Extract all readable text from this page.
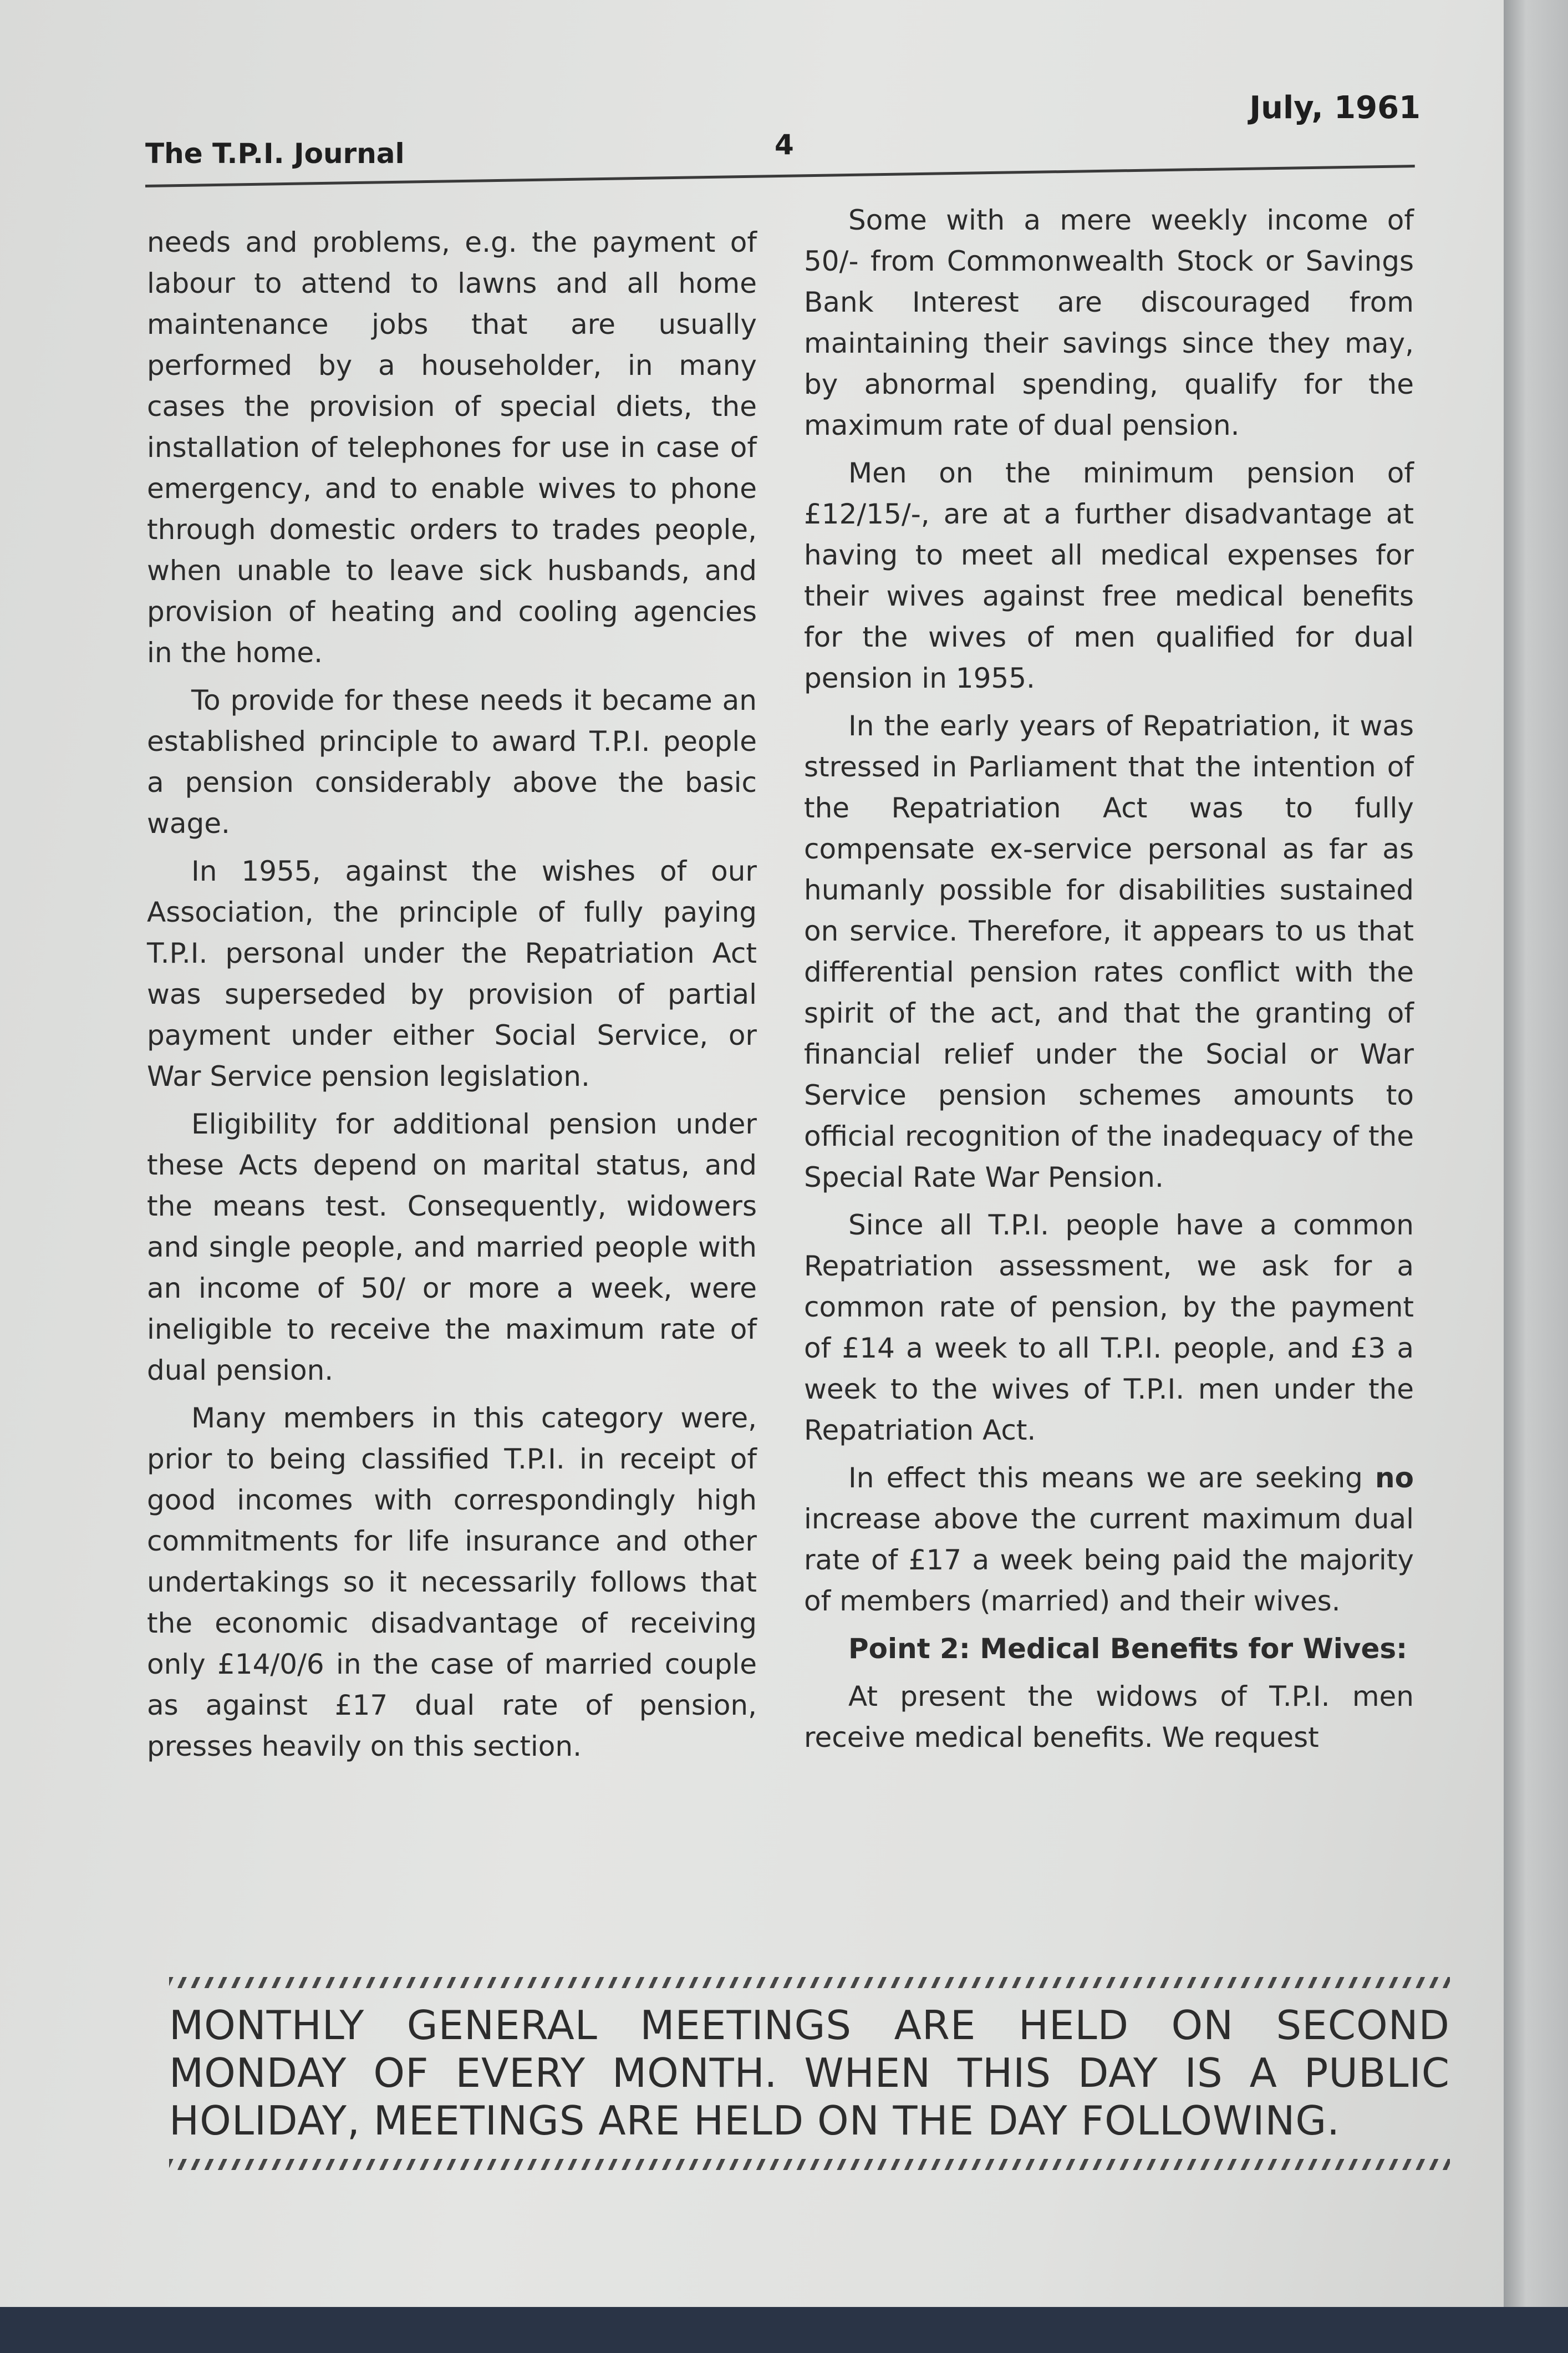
The T.P.I. Journal	4
July, 1961

needs and problems, e.g. the payment of labour to attend to lawns and all home maintenance jobs that are usually performed by a householder, in many cases the provision of special diets, the installation of telephones for use in case of emergency, and to enable wives to phone through domestic orders to trades people, when unable to leave sick husbands, and provision of heating and cooling agencies in the home.

To provide for these needs it became an established principle to award T.P.I. people a pension considerably above the basic wage.

In 1955, against the wishes of our Association, the principle of fully paying T.P.I. personal under the Repatriation Act was superseded by provision of partial payment under either Social Service, or War Service pension legislation.

Eligibility for additional pension under these Acts depend on marital status, and the means test. Consequently, widowers and single people, and married people with an income of 50/ or more a week, were ineligible to receive the maximum rate of dual pension.

Many members in this category were, prior to being classified T.P.I. in receipt of good incomes with correspondingly high commitments for life insurance and other undertakings so it necessarily follows that the economic disadvantage of receiving only £14/0/6 in the case of married couple as against £17 dual rate of pension, presses heavily on this section.

Some with a mere weekly income of 50/- from Commonwealth Stock or Savings Bank Interest are discouraged from maintaining their savings since they may, by abnormal spending, qualify for the maximum rate of dual pension.

Men on the minimum pension of £12/15/-, are at a further disadvantage at having to meet all medical expenses for their wives against free medical benefits for the wives of men qualified for dual pension in 1955.

In the early years of Repatriation, it was stressed in Parliament that the intention of the Repatriation Act was to fully compensate ex-service personal as far as humanly possible for disabilities sustained on service. Therefore, it appears to us that differential pension rates conflict with the spirit of the act, and that the granting of financial relief under the Social or War Service pension schemes amounts to official recognition of the inadequacy of the Special Rate War Pension.

Since all T.P.I. people have a common Repatriation assessment, we ask for a common rate of pension, by the payment of £14 a week to all T.P.I. people, and £3 a week to the wives of T.P.I. men under the Repatriation Act.

In effect this means we are seeking no increase above the current maximum dual rate of £17 a week being paid the majority of members (married) and their wives.

Point 2: Medical Benefits for Wives:

At present the widows of T.P.I. men receive medical benefits. We request

MONTHLY GENERAL MEETINGS ARE HELD ON SECOND MONDAY OF EVERY MONTH. WHEN THIS DAY IS A PUBLIC HOLIDAY, MEETINGS ARE HELD ON THE DAY FOLLOWING.
